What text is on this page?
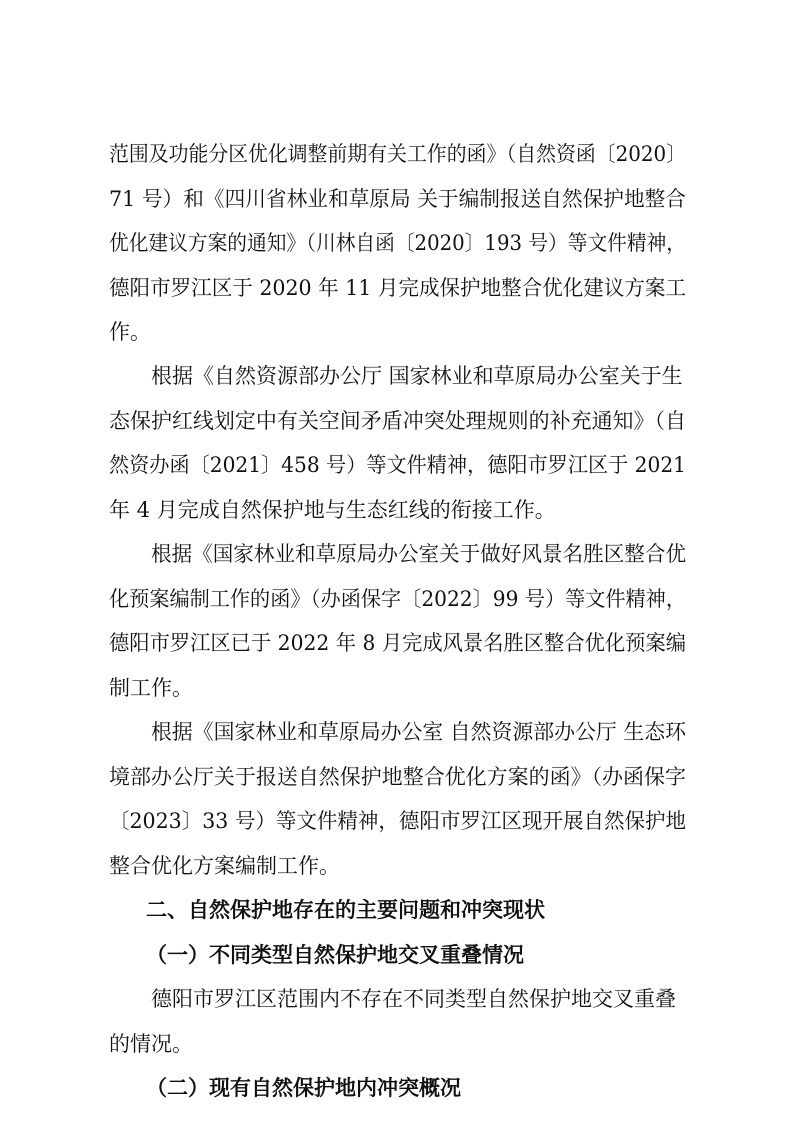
范围及功能分区优化调整前期有关工作的函》（自然资函〔2020〕
71 号）和《四川省林业和草原局 关于编制报送自然保护地整合
优化建议方案的通知》（川林自函〔2020〕193 号）等文件精神，
德阳市罗江区于 2020 年 11 月完成保护地整合优化建议方案工
作。
根据《自然资源部办公厅 国家林业和草原局办公室关于生
态保护红线划定中有关空间矛盾冲突处理规则的补充通知》（自
然资办函〔2021〕458 号）等文件精神，德阳市罗江区于 2021
年 4 月完成自然保护地与生态红线的衔接工作。
根据《国家林业和草原局办公室关于做好风景名胜区整合优
化预案编制工作的函》（办函保字〔2022〕99 号）等文件精神，
德阳市罗江区已于 2022 年 8 月完成风景名胜区整合优化预案编
制工作。
根据《国家林业和草原局办公室 自然资源部办公厅 生态环
境部办公厅关于报送自然保护地整合优化方案的函》（办函保字
〔2023〕33 号）等文件精神，德阳市罗江区现开展自然保护地
整合优化方案编制工作。
二、自然保护地存在的主要问题和冲突现状
（一）不同类型自然保护地交叉重叠情况
德阳市罗江区范围内不存在不同类型自然保护地交叉重叠
的情况。
（二）现有自然保护地内冲突概况
